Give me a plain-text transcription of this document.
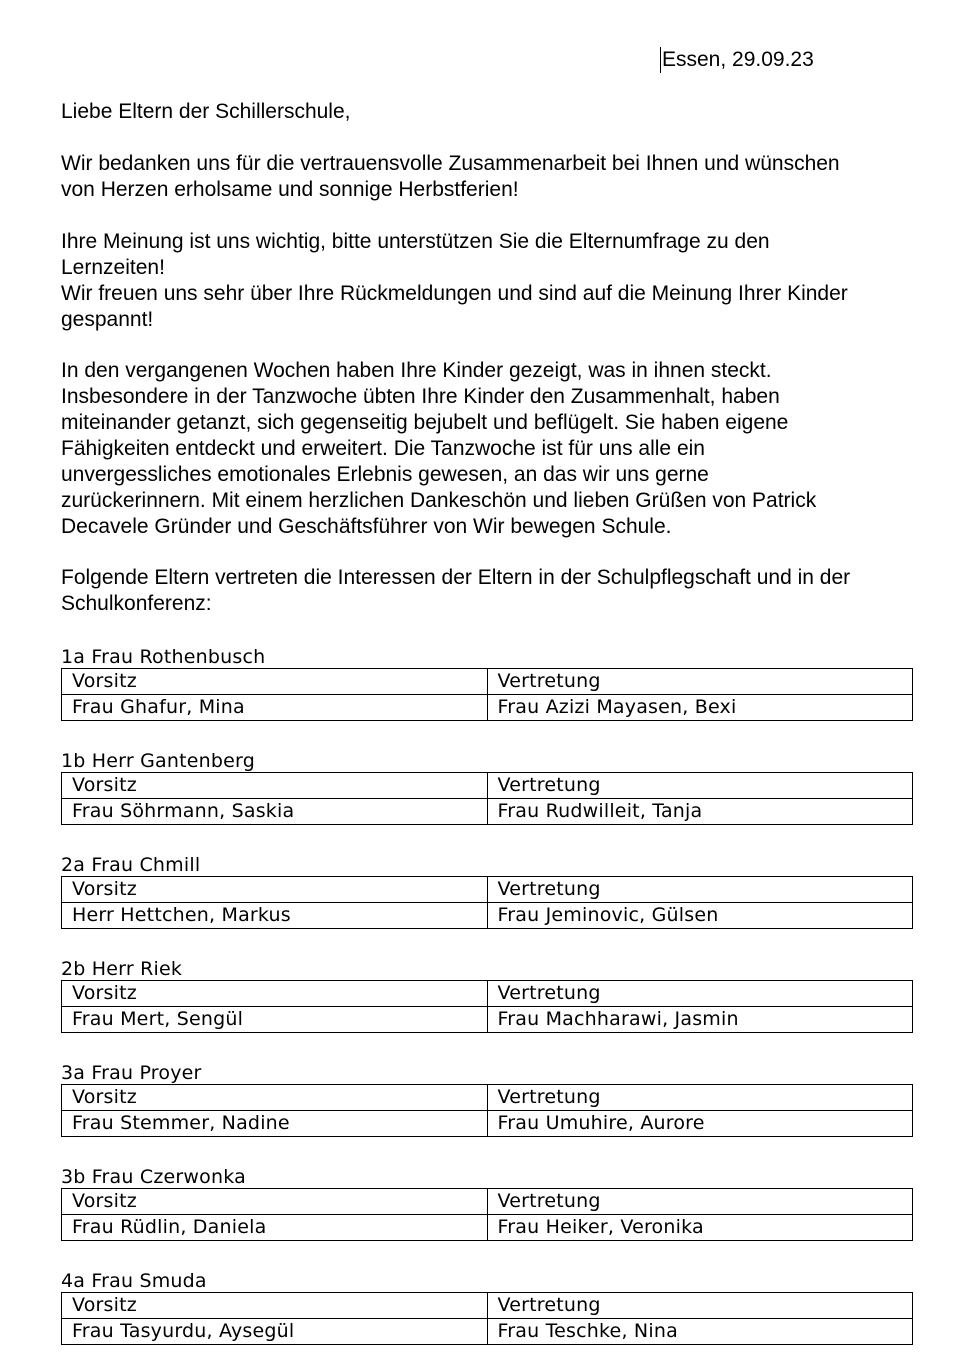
Essen, 29.09.23

Liebe Eltern der Schillerschule,

Wir bedanken uns für die vertrauensvolle Zusammenarbeit bei Ihnen und wünschen
von Herzen erholsame und sonnige Herbstferien!

Ihre Meinung ist uns wichtig, bitte unterstützen Sie die Elternumfrage zu den
Lernzeiten!
Wir freuen uns sehr über Ihre Rückmeldungen und sind auf die Meinung Ihrer Kinder
gespannt!

In den vergangenen Wochen haben Ihre Kinder gezeigt, was in ihnen steckt.
Insbesondere in der Tanzwoche übten Ihre Kinder den Zusammenhalt, haben
miteinander getanzt, sich gegenseitig bejubelt und beflügelt. Sie haben eigene
Fähigkeiten entdeckt und erweitert. Die Tanzwoche ist für uns alle ein
unvergessliches emotionales Erlebnis gewesen, an das wir uns gerne
zurückerinnern. Mit einem herzlichen Dankeschön und lieben Grüßen von Patrick
Decavele Gründer und Geschäftsführer von Wir bewegen Schule.

Folgende Eltern vertreten die Interessen der Eltern in der Schulpflegschaft und in der
Schulkonferenz:

1a Frau Rothenbusch
Vorsitz	Vertretung
Frau Ghafur, Mina	Frau Azizi Mayasen, Bexi
1b Herr Gantenberg
Vorsitz	Vertretung
Frau Söhrmann, Saskia	Frau Rudwilleit, Tanja
2a Frau Chmill
Vorsitz	Vertretung
Herr Hettchen, Markus	Frau Jeminovic, Gülsen
2b Herr Riek
Vorsitz	Vertretung
Frau Mert, Sengül	Frau Machharawi, Jasmin
3a Frau Proyer
Vorsitz	Vertretung
Frau Stemmer, Nadine	Frau Umuhire, Aurore
3b Frau Czerwonka
Vorsitz	Vertretung
Frau Rüdlin, Daniela	Frau Heiker, Veronika
4a Frau Smuda
Vorsitz	Vertretung
Frau Tasyurdu, Aysegül	Frau Teschke, Nina
